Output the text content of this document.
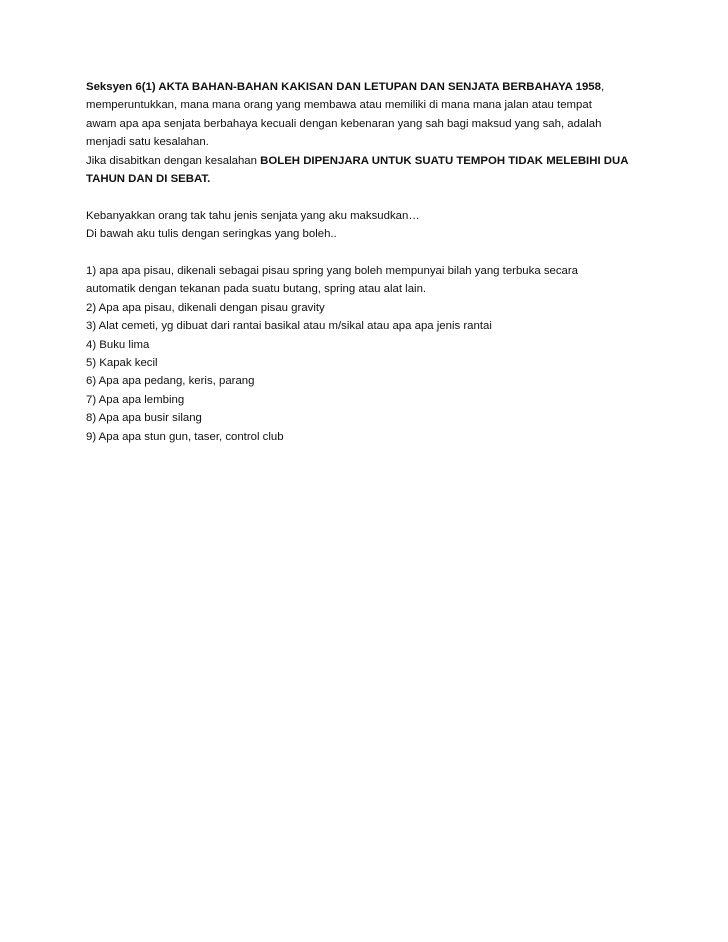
Seksyen 6(1) AKTA BAHAN-BAHAN KAKISAN DAN LETUPAN DAN SENJATA BERBAHAYA 1958,

memperuntukkan, mana mana orang yang membawa atau memiliki di mana mana jalan atau tempat

awam apa apa senjata berbahaya kecuali dengan kebenaran yang sah bagi maksud yang sah, adalah

menjadi satu kesalahan.

Jika disabitkan dengan kesalahan BOLEH DIPENJARA UNTUK SUATU TEMPOH TIDAK MELEBIHI DUA

TAHUN DAN DI SEBAT.

Kebanyakkan orang tak tahu jenis senjata yang aku maksudkan…

Di bawah aku tulis dengan seringkas yang boleh..

1) apa apa pisau, dikenali sebagai pisau spring yang boleh mempunyai bilah yang terbuka secara

automatik dengan tekanan pada suatu butang, spring atau alat lain.

2) Apa apa pisau, dikenali dengan pisau gravity

3) Alat cemeti, yg dibuat dari rantai basikal atau m/sikal atau apa apa jenis rantai

4) Buku lima

5) Kapak kecil

6) Apa apa pedang, keris, parang

7) Apa apa lembing

8) Apa apa busir silang

9) Apa apa stun gun, taser, control club
